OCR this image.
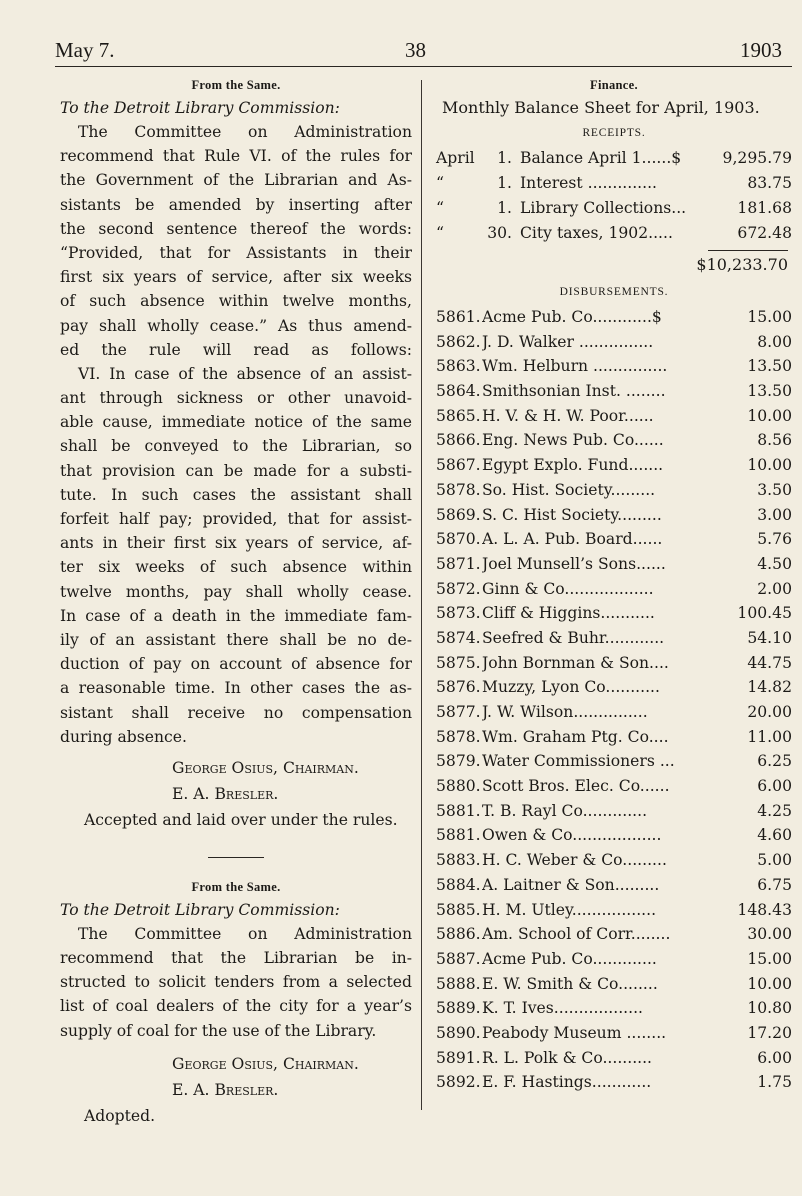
May 7.	38	1903
From the Same.
To the Detroit Library Commission:
The Committee on Administration
recommend that Rule VI. of the rules for
the Government of the Librarian and As-
sistants be amended by inserting after
the second sentence thereof the words:
“Provided, that for Assistants in their
first six years of service, after six weeks
of such absence within twelve months,
pay shall wholly cease.” As thus amend-
ed the rule will read as follows:
VI. In case of the absence of an assist-
ant through sickness or other unavoid-
able cause, immediate notice of the same
shall be conveyed to the Librarian, so
that provision can be made for a substi-
tute. In such cases the assistant shall
forfeit half pay; provided, that for assist-
ants in their first six years of service, af-
ter six weeks of such absence within
twelve months, pay shall wholly cease.
In case of a death in the immediate fam-
ily of an assistant there shall be no de-
duction of pay on account of absence for
a reasonable time. In other cases the as-
sistant shall receive no compensation
during absence.
George Osius, Chairman.
E. A. Bresler.
Accepted and laid over under the rules.
From the Same.
To the Detroit Library Commission:
The Committee on Administration
recommend that the Librarian be in-
structed to solicit tenders from a selected
list of coal dealers of the city for a year’s
supply of coal for the use of the Library.
George Osius, Chairman.
E. A. Bresler.
Adopted.
Finance.
Monthly Balance Sheet for April, 1903.
RECEIPTS.
April	1. Balance April 1......$	9,295.79
“	1. Interest ..............	83.75
“	1. Library Collections...	181.68
“	30. City taxes, 1902.....	672.48
$10,233.70
DISBURSEMENTS.
5861. Acme Pub. Co............$	15.00
5862. J. D. Walker ...............	8.00
5863. Wm. Helburn ...............	13.50
5864. Smithsonian Inst. ........	13.50
5865. H. V. & H. W. Poor......	10.00
5866. Eng. News Pub. Co......	8.56
5867. Egypt Explo. Fund.......	10.00
5878. So. Hist. Society.........	3.50
5869. S. C. Hist Society.........	3.00
5870. A. L. A. Pub. Board......	5.76
5871. Joel Munsell’s Sons......	4.50
5872. Ginn & Co..................	2.00
5873. Cliff & Higgins...........	100.45
5874. Seefred & Buhr............	54.10
5875. John Bornman & Son....	44.75
5876. Muzzy, Lyon Co...........	14.82
5877. J. W. Wilson...............	20.00
5878. Wm. Graham Ptg. Co....	11.00
5879. Water Commissioners ...	6.25
5880. Scott Bros. Elec. Co......	6.00
5881. T. B. Rayl Co.............	4.25
5881. Owen & Co..................	4.60
5883. H. C. Weber & Co.........	5.00
5884. A. Laitner & Son.........	6.75
5885. H. M. Utley.................	148.43
5886. Am. School of Corr........	30.00
5887. Acme Pub. Co.............	15.00
5888. E. W. Smith & Co........	10.00
5889. K. T. Ives..................	10.80
5890. Peabody Museum ........	17.20
5891. R. L. Polk & Co..........	6.00
5892. E. F. Hastings............	1.75
